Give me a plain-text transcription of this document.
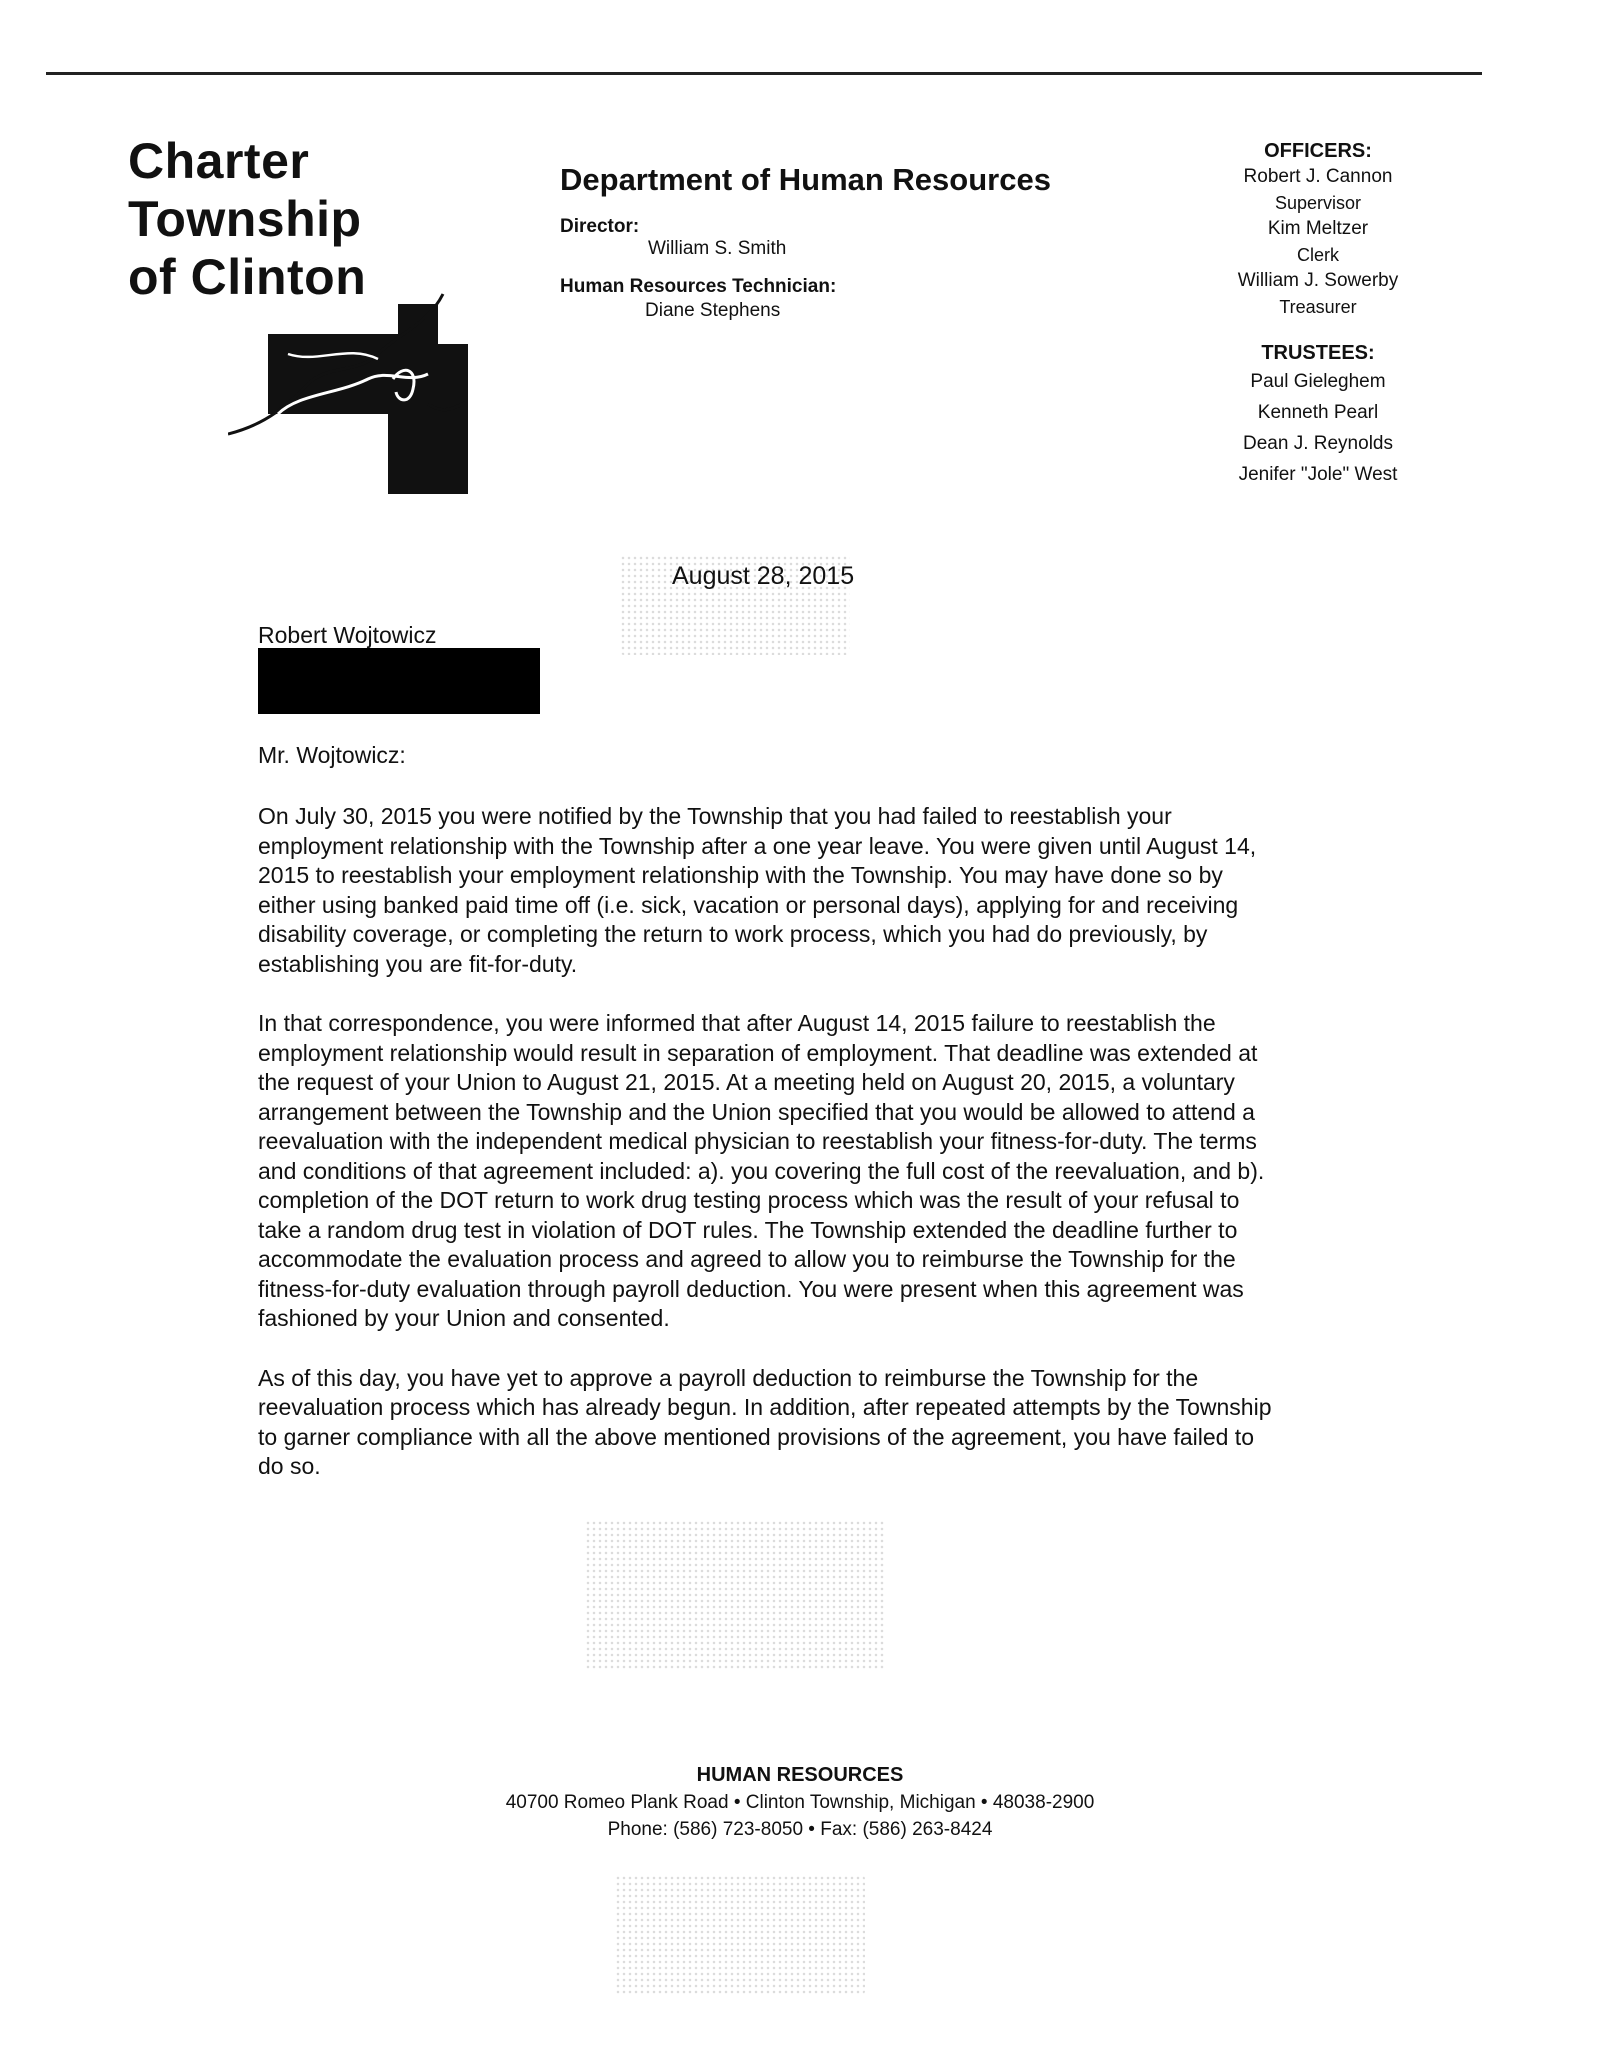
Charter
Township
of Clinton
Department of Human Resources
Director:
William S. Smith
Human Resources Technician:
Diane Stephens
OFFICERS:
Robert J. Cannon
Supervisor
Kim Meltzer
Clerk
William J. Sowerby
Treasurer
TRUSTEES:
Paul Gieleghem
Kenneth Pearl
Dean J. Reynolds
Jenifer "Jole" West
August 28, 2015
Robert Wojtowicz
Mr. Wojtowicz:

On July 30, 2015 you were notified by the Township that you had failed to reestablish your employment relationship with the Township after a one year leave. You were given until August 14, 2015 to reestablish your employment relationship with the Township. You may have done so by either using banked paid time off (i.e. sick, vacation or personal days), applying for and receiving disability coverage, or completing the return to work process, which you had do previously, by establishing you are fit-for-duty.

In that correspondence, you were informed that after August 14, 2015 failure to reestablish the employment relationship would result in separation of employment. That deadline was extended at the request of your Union to August 21, 2015. At a meeting held on August 20, 2015, a voluntary arrangement between the Township and the Union specified that you would be allowed to attend a reevaluation with the independent medical physician to reestablish your fitness-for-duty. The terms and conditions of that agreement included: a). you covering the full cost of the reevaluation, and b). completion of the DOT return to work drug testing process which was the result of your refusal to take a random drug test in violation of DOT rules. The Township extended the deadline further to accommodate the evaluation process and agreed to allow you to reimburse the Township for the fitness-for-duty evaluation through payroll deduction. You were present when this agreement was fashioned by your Union and consented.

As of this day, you have yet to approve a payroll deduction to reimburse the Township for the reevaluation process which has already begun. In addition, after repeated attempts by the Township to garner compliance with all the above mentioned provisions of the agreement, you have failed to do so.

HUMAN RESOURCES
40700 Romeo Plank Road • Clinton Township, Michigan • 48038-2900
Phone: (586) 723-8050 • Fax: (586) 263-8424
